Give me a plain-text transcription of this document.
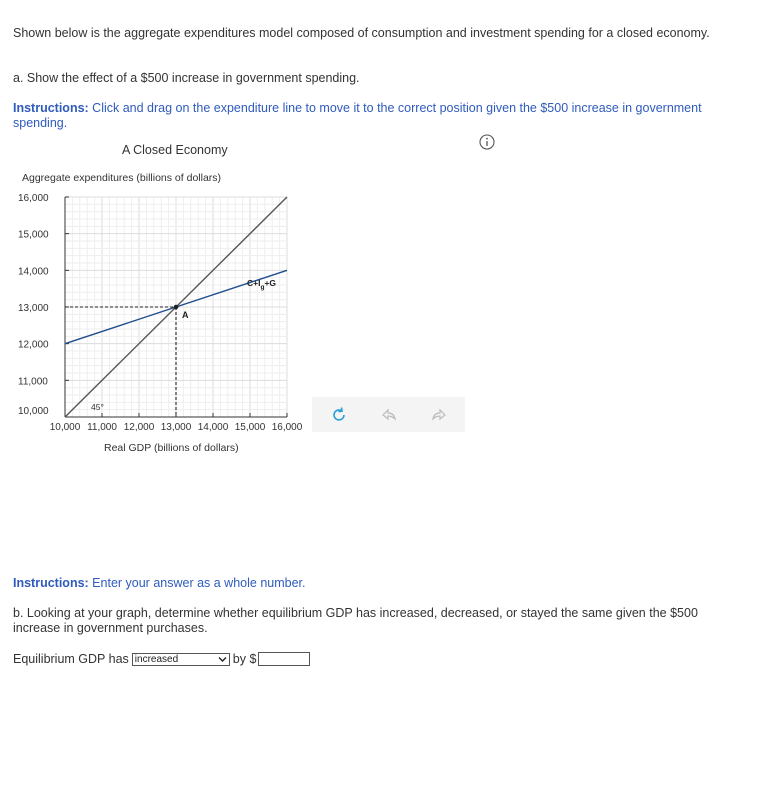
Shown below is the aggregate expenditures model composed of consumption and investment spending for a closed economy.
a. Show the effect of a $500 increase in government spending.
Instructions: Click and drag on the expenditure line to move it to the correct position given the $500 increase in government spending.
A Closed Economy
Aggregate expenditures (billions of dollars)
A
$C+I_g+G$
45°
10,000 11,000 12,000 13,000 14,000 15,000 16,000
16,000
15,000
14,000
13,000
12,000
11,000
10,000
Real GDP (billions of dollars)
Instructions: Enter your answer as a whole number.
b. Looking at your graph, determine whether equilibrium GDP has increased, decreased, or stayed the same given the $500 increase in government purchases.
Equilibrium GDP has increased	by $
